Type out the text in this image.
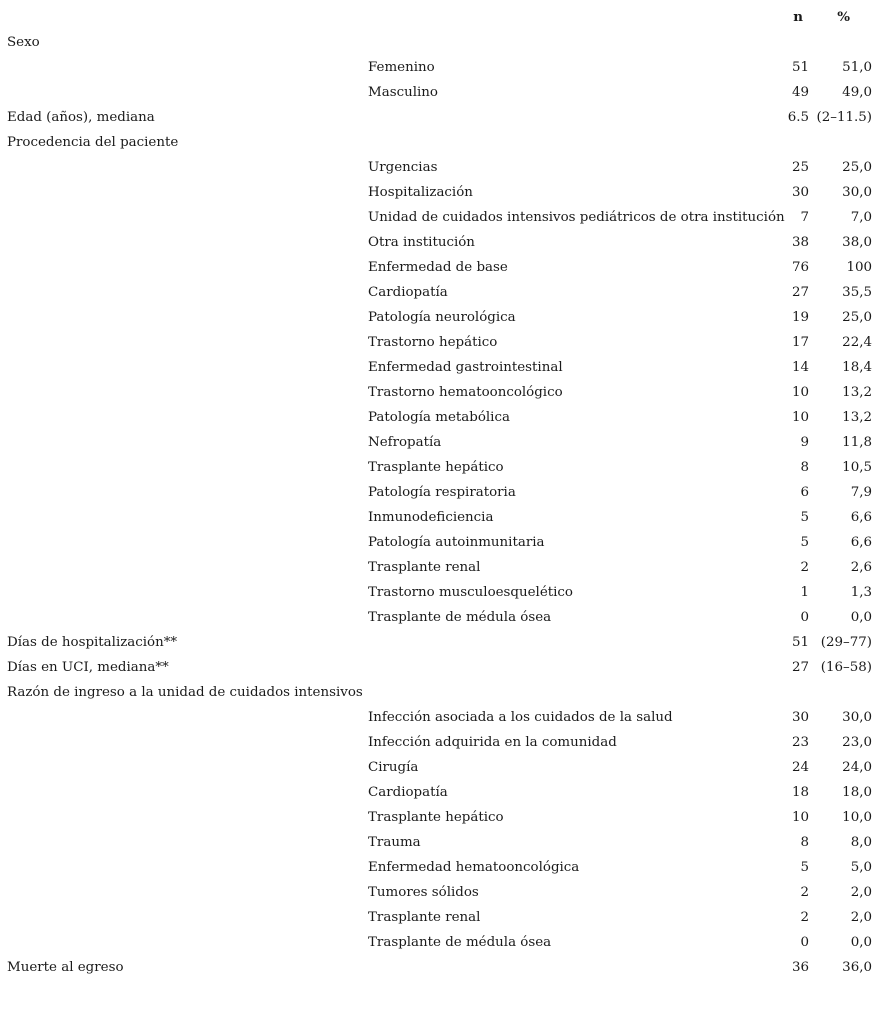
n	%
Sexo
Femenino	51 51,0
Masculino	49 49,0
Edad (años), mediana	6.5 (2–11.5)
Procedencia del paciente
Urgencias	25 25,0
Hospitalización	30 30,0
Unidad de cuidados intensivos pediátricos de otra institución 7	7,0
Otra institución	38 38,0
Enfermedad de base	76	100
Cardiopatía	27 35,5
Patología neurológica	19 25,0
Trastorno hepático	17 22,4
Enfermedad gastrointestinal	14 18,4
Trastorno hematooncológico	10 13,2
Patología metabólica	10 13,2
Nefropatía	9 11,8
Trasplante hepático	8 10,5
Patología respiratoria	6	7,9
Inmunodeficiencia	5	6,6
Patología autoinmunitaria	5	6,6
Trasplante renal	2	2,6
Trastorno musculoesquelético	1	1,3
Trasplante de médula ósea	0	0,0
Días de hospitalización**	51 (29–77)
Días en UCI, mediana**	27 (16–58)
Razón de ingreso a la unidad de cuidados intensivos
Infección asociada a los cuidados de la salud	30 30,0
Infección adquirida en la comunidad	23 23,0
Cirugía	24 24,0
Cardiopatía	18 18,0
Trasplante hepático	10 10,0
Trauma	8	8,0
Enfermedad hematooncológica	5	5,0
Tumores sólidos	2	2,0
Trasplante renal	2	2,0
Trasplante de médula ósea	0	0,0
Muerte al egreso	36 36,0
